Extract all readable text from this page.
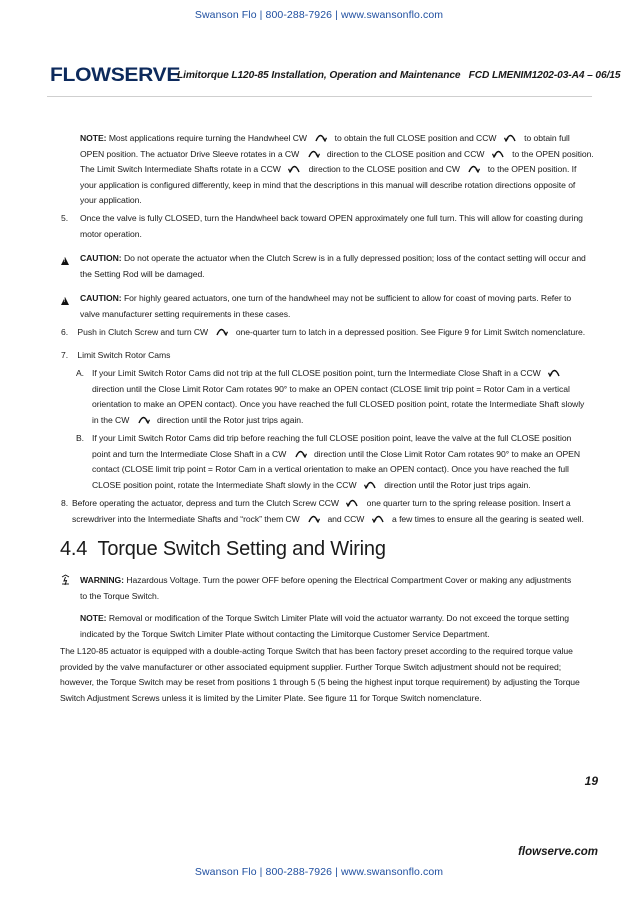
Swanson Flo | 800-288-7926 | www.swansonflo.com
FLOWSERVE
Limitorque L120-85 Installation, Operation and Maintenance   FCD LMENIM1202-03-A4 – 06/15
NOTE: Most applications require turning the Handwheel CW	to obtain the full CLOSE position and CCW	to obtain full
OPEN position. The actuator Drive Sleeve rotates in a CW	direction to the CLOSE position and CCW	to the OPEN position.
The Limit Switch Intermediate Shafts rotate in a CCW	direction to the CLOSE position and CW	to the OPEN position. If
your application is configured differently, keep in mind that the descriptions in this manual will describe rotation directions opposite of
your application.
5. Once the valve is fully CLOSED, turn the Handwheel back toward OPEN approximately one full turn. This will allow for coasting during
motor operation.
!
CAUTION: Do not operate the actuator when the Clutch Screw is in a fully depressed position; loss of the contact setting will occur and
the Setting Rod will be damaged.
!
CAUTION: For highly geared actuators, one turn of the handwheel may not be sufficient to allow for coast of moving parts. Refer to
valve manufacturer setting requirements in these cases.
6. Push in Clutch Screw and turn CW	one-quarter turn to latch in a depressed position. See Figure 9 for Limit Switch nomenclature.
7. Limit Switch Rotor Cams
A. If your Limit Switch Rotor Cams did not trip at the full CLOSE position point, turn the Intermediate Close Shaft in a CCW
direction until the Close Limit Rotor Cam rotates 90° to make an OPEN contact (CLOSE limit trip point = Rotor Cam in a vertical
orientation to make an OPEN contact). Once you have reached the full CLOSED position point, rotate the Intermediate Shaft slowly
in the CW	direction until the Rotor just trips again.
B. If your Limit Switch Rotor Cams did trip before reaching the full CLOSE position point, leave the valve at the full CLOSE position
point and turn the Intermediate Close Shaft in a CW	direction until the Close Limit Rotor Cam rotates 90° to make an OPEN
contact (CLOSE limit trip point = Rotor Cam in a vertical orientation to make an OPEN contact). Once you have reached the full
CLOSE position point, rotate the Intermediate Shaft slowly in the CCW	direction until the Rotor just trips again.
8. Before operating the actuator, depress and turn the Clutch Screw CCW	one quarter turn to the spring release position. Insert a
screwdriver into the Intermediate Shafts and “rock” them CW	and CCW	a few times to ensure all the gearing is seated well.
4.4  Torque Switch Setting and Wiring
WARNING: Hazardous Voltage. Turn the power OFF before opening the Electrical Compartment Cover or making any adjustments
to the Torque Switch.
NOTE: Removal or modification of the Torque Switch Limiter Plate will void the actuator warranty. Do not exceed the torque setting
indicated by the Torque Switch Limiter Plate without contacting the Limitorque Customer Service Department.
The L120-85 actuator is equipped with a double-acting Torque Switch that has been factory preset according to the required torque value
provided by the valve manufacturer or other associated equipment supplier. Further Torque Switch adjustment should not be required;
however, the Torque Switch may be reset from positions 1 through 5 (5 being the highest input torque requirement) by adjusting the Torque
Switch Adjustment Screws unless it is limited by the Limiter Plate. See figure 11 for Torque Switch nomenclature.
19
flowserve.com
Swanson Flo | 800-288-7926 | www.swansonflo.com
